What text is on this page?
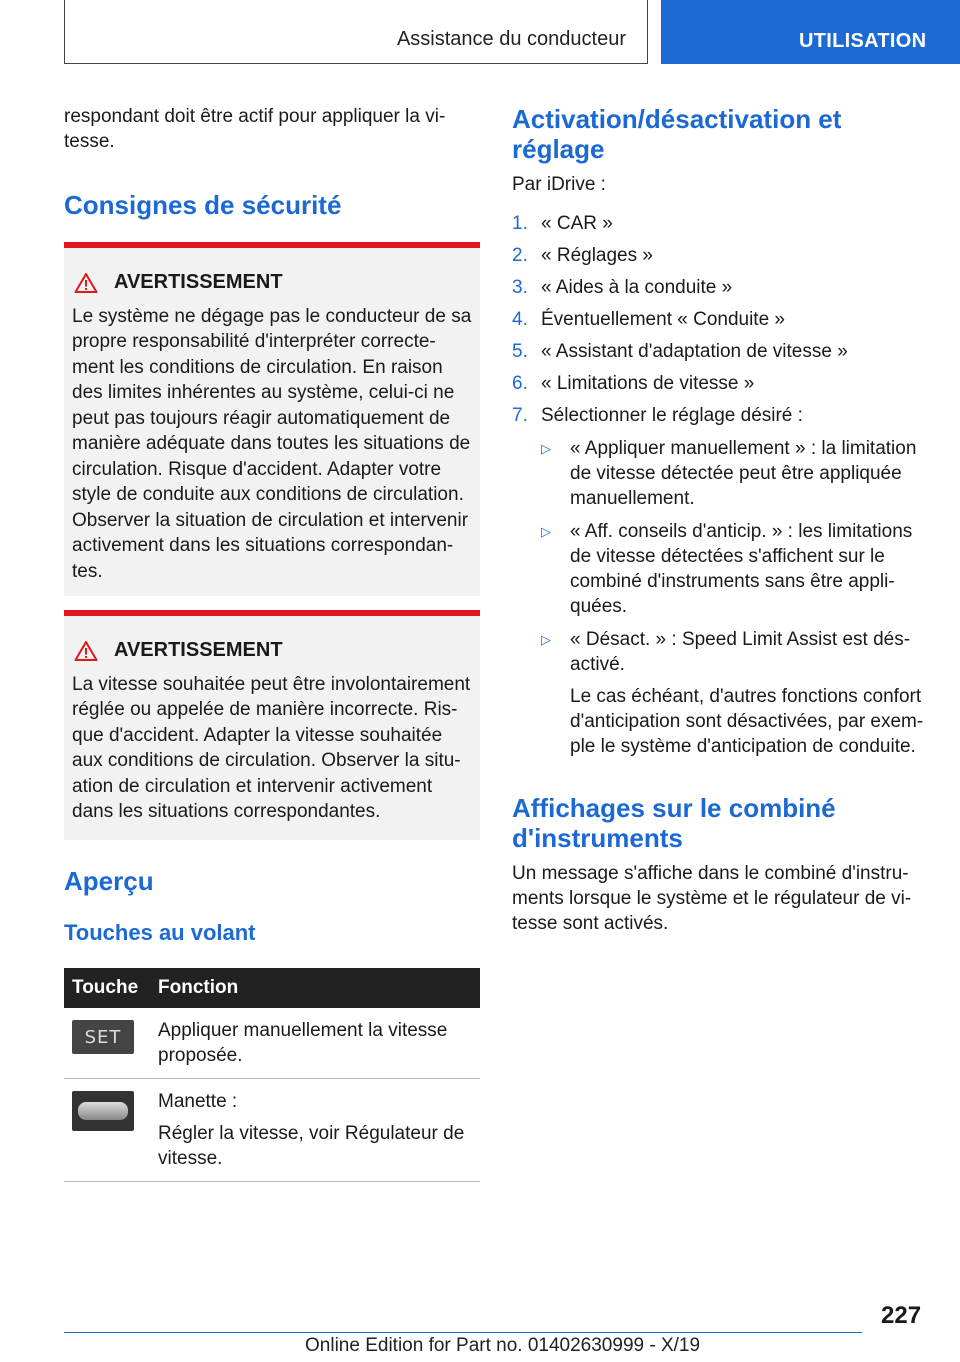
Assistance du conducteur	UTILISATION

respondant doit être actif pour appliquer la vi-
tesse.

Consignes de sécurité
AVERTISSEMENT
Le système ne dégage pas le conducteur de sa propre responsabilité d'interpréter correcte-ment les conditions de circulation. En raison des limites inhérentes au système, celui-ci ne peut pas toujours réagir automatiquement de manière adéquate dans toutes les situations de circulation. Risque d'accident. Adapter votre style de conduite aux conditions de circulation. Observer la situation de circulation et intervenir activement dans les situations correspondan-tes.
AVERTISSEMENT
La vitesse souhaitée peut être involontairement réglée ou appelée de manière incorrecte. Ris-que d'accident. Adapter la vitesse souhaitée aux conditions de circulation. Observer la situ-ation de circulation et intervenir activement dans les situations correspondantes.
Aperçu
Touches au volant
Touche	Fonction

SET	Appliquer manuellement la vitesse proposée.

	Manette :
Régler la vitesse, voir Régulateur de vitesse.
Activation/désactivation et réglage

Par iDrive :

1. « CAR »
2. « Réglages »
3. « Aides à la conduite »
4. Éventuellement « Conduite »
5. « Assistant d'adaptation de vitesse »
6. « Limitations de vitesse »
7. Sélectionner le réglage désiré :
▷	« Appliquer manuellement » : la limitation de vitesse détectée peut être appliquée manuellement.
▷	« Aff. conseils d'anticip. » : les limitations de vitesse détectées s'affichent sur le combiné d'instruments sans être appli-quées.
▷	« Désact. » : Speed Limit Assist est dés-activé.
Le cas échéant, d'autres fonctions confort d'anticipation sont désactivées, par exem-ple le système d'anticipation de conduite.
Affichages sur le combiné d'instruments

Un message s'affiche dans le combiné d'instru-ments lorsque le système et le régulateur de vi-tesse sont activés.

227
Online Edition for Part no. 01402630999 - X/19
